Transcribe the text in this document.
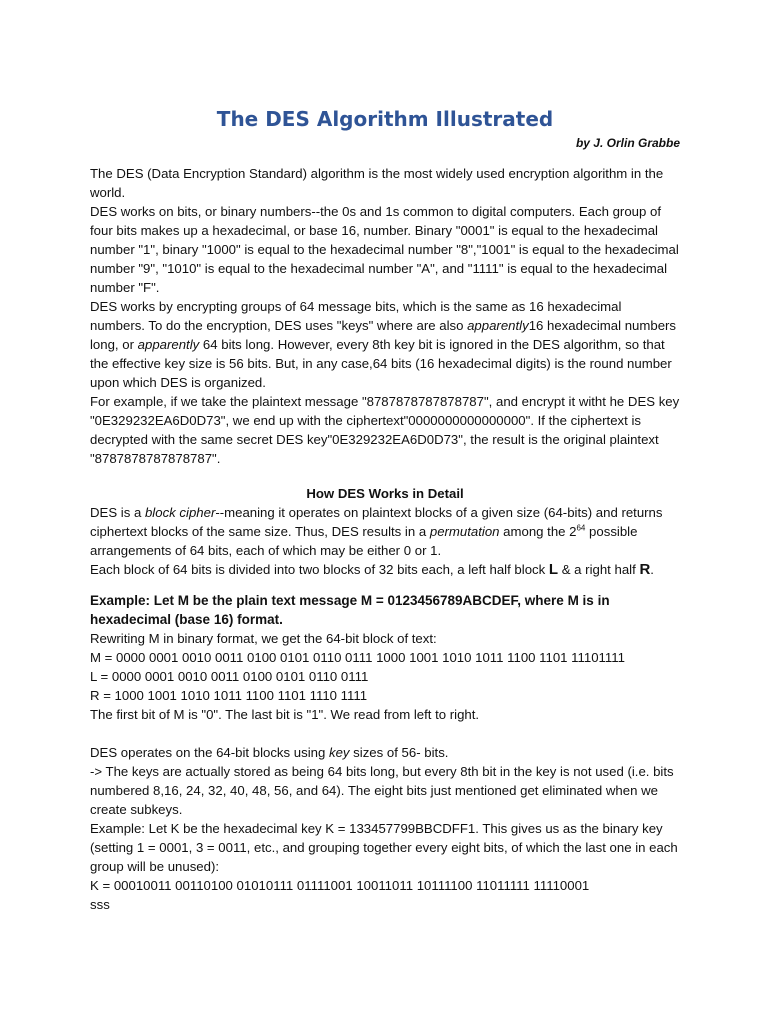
The DES Algorithm Illustrated

by J. Orlin Grabbe

The DES (Data Encryption Standard) algorithm is the most widely used encryption algorithm in the world.

DES works on bits, or binary numbers--the 0s and 1s common to digital computers. Each group of four bits makes up a hexadecimal, or base 16, number. Binary "0001" is equal to the hexadecimal number "1", binary "1000" is equal to the hexadecimal number "8","1001" is equal to the hexadecimal number "9", "1010" is equal to the hexadecimal number "A", and "1111" is equal to the hexadecimal number "F".

DES works by encrypting groups of 64 message bits, which is the same as 16 hexadecimal numbers. To do the encryption, DES uses "keys" where are also apparently16 hexadecimal numbers long, or apparently 64 bits long. However, every 8th key bit is ignored in the DES algorithm, so that the effective key size is 56 bits. But, in any case,64 bits (16 hexadecimal digits) is the round number upon which DES is organized.

For example, if we take the plaintext message "8787878787878787", and encrypt it witht he DES key "0E329232EA6D0D73", we end up with the ciphertext"0000000000000000". If the ciphertext is decrypted with the same secret DES key"0E329232EA6D0D73", the result is the original plaintext "8787878787878787".

How DES Works in Detail

DES is a block cipher--meaning it operates on plaintext blocks of a given size (64-bits) and returns ciphertext blocks of the same size. Thus, DES results in a permutation among the $2^{64}$ possible arrangements of 64 bits, each of which may be either 0 or 1.

Each block of 64 bits is divided into two blocks of 32 bits each, a left half block L & a right half R.

Example: Let M be the plain text message M = 0123456789ABCDEF, where M is in hexadecimal (base 16) format.

Rewriting M in binary format, we get the 64-bit block of text:

M = 0000 0001 0010 0011 0100 0101 0110 0111 1000 1001 1010 1011 1100 1101 11101111

L = 0000 0001 0010 0011 0100 0101 0110 0111

R = 1000 1001 1010 1011 1100 1101 1110 1111

The first bit of M is "0". The last bit is "1". We read from left to right.

DES operates on the 64-bit blocks using key sizes of 56- bits.

-> The keys are actually stored as being 64 bits long, but every 8th bit in the key is not used (i.e. bits numbered 8,16, 24, 32, 40, 48, 56, and 64). The eight bits just mentioned get eliminated when we create subkeys.

Example: Let K be the hexadecimal key K = 133457799BBCDFF1. This gives us as the binary key (setting 1 = 0001, 3 = 0011, etc., and grouping together every eight bits, of which the last one in each group will be unused):

K = 00010011 00110100 01010111 01111001 10011011 10111100 11011111 11110001

sss
